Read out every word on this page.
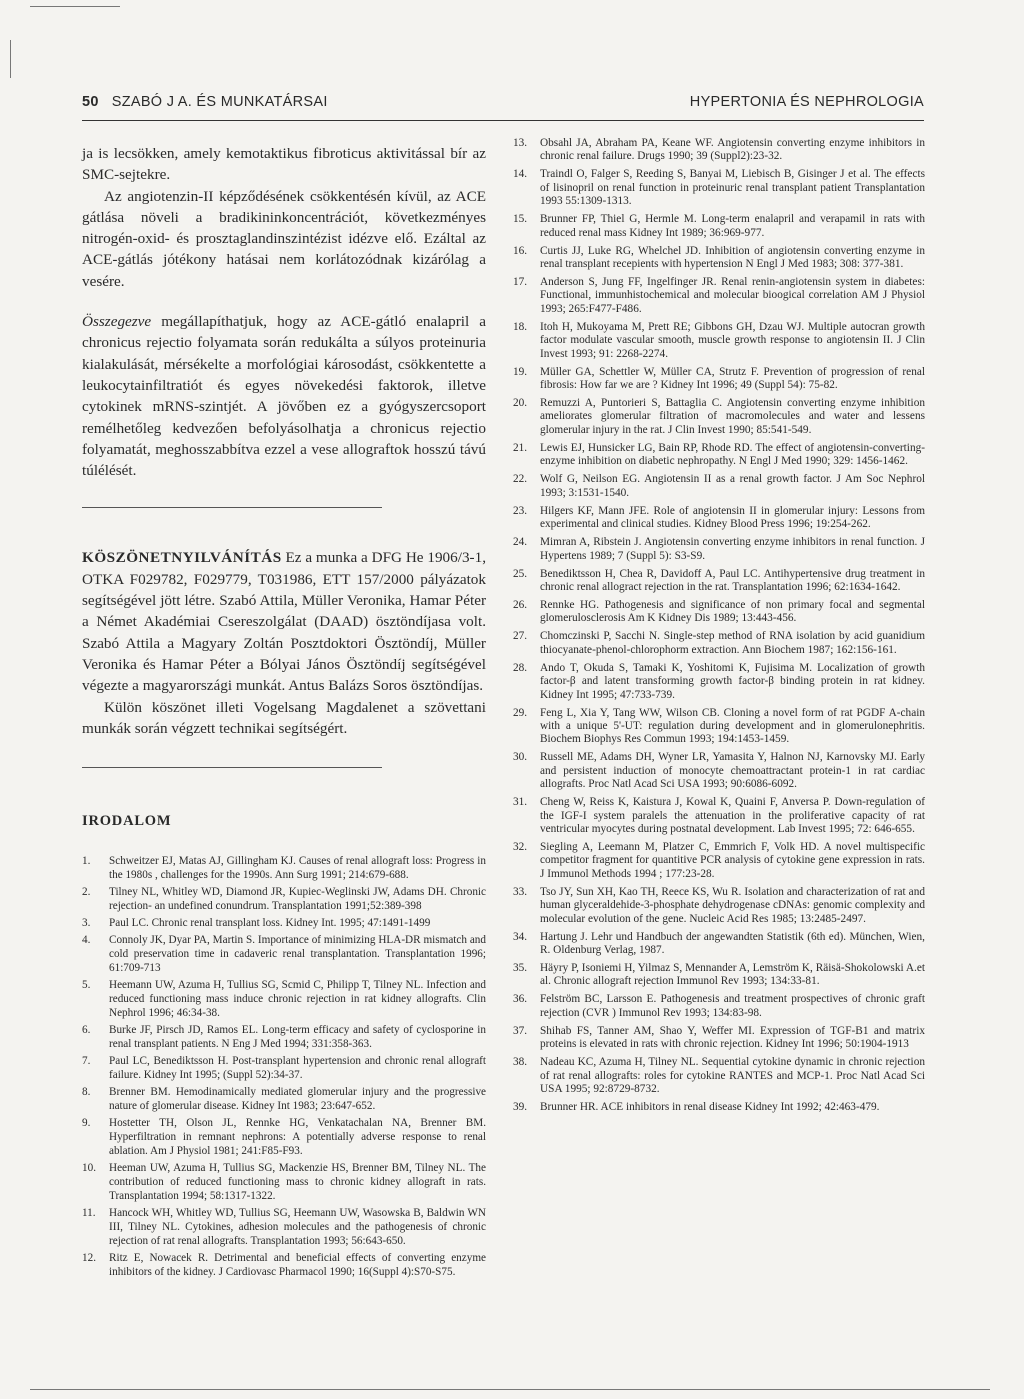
50 SZABÓ J A. ÉS MUNKATÁRSAI	HYPERTONIA ÉS NEPHROLOGIA

ja is lecsökken, amely kemotaktikus fibroticus aktivitással bír az SMC-sejtekre.

Az angiotenzin-II képződésének csökkentésén kívül, az ACE gátlása növeli a bradikininkoncentrációt, következményes nitrogén-oxid- és prosztaglandinszintézist idézve elő. Ezáltal az ACE-gátlás jótékony hatásai nem korlátozódnak kizárólag a vesére.

Összegezve megállapíthatjuk, hogy az ACE-gátló enalapril a chronicus rejectio folyamata során redukálta a súlyos proteinuria kialakulását, mérsékelte a morfológiai károsodást, csökkentette a leukocytainfiltratiót és egyes növekedési faktorok, illetve cytokinek mRNS-szintjét. A jövőben ez a gyógyszercsoport remélhetőleg kedvezően befolyásolhatja a chronicus rejectio folyamatát, meghosszabbítva ezzel a vese allograftok hosszú távú túlélését.

KÖSZÖNETNYILVÁNÍTÁS Ez a munka a DFG He 1906/3-1, OTKA F029782, F029779, T031986, ETT 157/2000 pályázatok segítségével jött létre. Szabó Attila, Müller Veronika, Hamar Péter a Német Akadémiai Csereszolgálat (DAAD) ösztöndíjasa volt. Szabó Attila a Magyary Zoltán Posztdoktori Ösztöndíj, Müller Veronika és Hamar Péter a Bólyai János Ösztöndíj segítségével végezte a magyarországi munkát. Antus Balázs Soros ösztöndíjas.

Külön köszönet illeti Vogelsang Magdalenet a szövettani munkák során végzett technikai segítségért.

IRODALOM
1. Schweitzer EJ, Matas AJ, Gillingham KJ. Causes of renal allograft loss: Progress in the 1980s , challenges for the 1990s. Ann Surg 1991; 214:679-688.
2. Tilney NL, Whitley WD, Diamond JR, Kupiec-Weglinski JW, Adams DH. Chronic rejection- an undefined conundrum. Transplantation 1991;52:389-398
3. Paul LC. Chronic renal transplant loss. Kidney Int. 1995; 47:1491-1499
4. Connoly JK, Dyar PA, Martin S. Importance of minimizing HLA-DR mismatch and cold preservation time in cadaveric renal transplantation. Transplantation 1996; 61:709-713
5. Heemann UW, Azuma H, Tullius SG, Scmid C, Philipp T, Tilney NL. Infection and reduced functioning mass induce chronic rejection in rat kidney allografts. Clin Nephrol 1996; 46:34-38.
6. Burke JF, Pirsch JD, Ramos EL. Long-term efficacy and safety of cyclosporine in renal transplant patients. N Eng J Med 1994; 331:358-363.
7. Paul LC, Benediktsson H. Post-transplant hypertension and chronic renal allograft failure. Kidney Int 1995; (Suppl 52):34-37.
8. Brenner BM. Hemodinamically mediated glomerular injury and the progressive nature of glomerular disease. Kidney Int 1983; 23:647-652.
9. Hostetter TH, Olson JL, Rennke HG, Venkatachalan NA, Brenner BM. Hyperfiltration in remnant nephrons: A potentially adverse response to renal ablation. Am J Physiol 1981; 241:F85-F93.
10. Heeman UW, Azuma H, Tullius SG, Mackenzie HS, Brenner BM, Tilney NL. The contribution of reduced functioning mass to chronic kidney allograft in rats. Transplantation 1994; 58:1317-1322.
11. Hancock WH, Whitley WD, Tullius SG, Heemann UW, Wasowska B, Baldwin WN III, Tilney NL. Cytokines, adhesion molecules and the pathogenesis of chronic rejection of rat renal allografts. Transplantation 1993; 56:643-650.
12. Ritz E, Nowacek R. Detrimental and beneficial effects of converting enzyme inhibitors of the kidney. J Cardiovasc Pharmacol 1990; 16(Suppl 4):S70-S75.
13. Obsahl JA, Abraham PA, Keane WF. Angiotensin converting enzyme inhibitors in chronic renal failure. Drugs 1990; 39 (Suppl2):23-32.
14. Traindl O, Falger S, Reeding S, Banyai M, Liebisch B, Gisinger J et al. The effects of lisinopril on renal function in proteinuric renal transplant patient Transplantation 1993 55:1309-1313.
15. Brunner FP, Thiel G, Hermle M. Long-term enalapril and verapamil in rats with reduced renal mass Kidney Int 1989; 36:969-977.
16. Curtis JJ, Luke RG, Whelchel JD. Inhibition of angiotensin converting enzyme in renal transplant recepients with hypertension N Engl J Med 1983; 308: 377-381.
17. Anderson S, Jung FF, Ingelfinger JR. Renal renin-angiotensin system in diabetes: Functional, immunhistochemical and molecular bioogical correlation AM J Physiol 1993; 265:F477-F486.
18. Itoh H, Mukoyama M, Prett RE; Gibbons GH, Dzau WJ. Multiple autocran growth factor modulate vascular smooth, muscle growth response to angiotensin II. J Clin Invest 1993; 91: 2268-2274.
19. Müller GA, Schettler W, Müller CA, Strutz F. Prevention of progression of renal fibrosis: How far we are ? Kidney Int 1996; 49 (Suppl 54): 75-82.
20. Remuzzi A, Puntorieri S, Battaglia C. Angiotensin converting enzyme inhibition ameliorates glomerular filtration of macromolecules and water and lessens glomerular injury in the rat. J Clin Invest 1990; 85:541-549.
21. Lewis EJ, Hunsicker LG, Bain RP, Rhode RD. The effect of angiotensin-converting-enzyme inhibition on diabetic nephropathy. N Engl J Med 1990; 329: 1456-1462.
22. Wolf G, Neilson EG. Angiotensin II as a renal growth factor. J Am Soc Nephrol 1993; 3:1531-1540.
23. Hilgers KF, Mann JFE. Role of angiotensin II in glomerular injury: Lessons from experimental and clinical studies. Kidney Blood Press 1996; 19:254-262.
24. Mimran A, Ribstein J. Angiotensin converting enzyme inhibitors in renal function. J Hypertens 1989; 7 (Suppl 5): S3-S9.
25. Benediktsson H, Chea R, Davidoff A, Paul LC. Antihypertensive drug treatment in chronic renal allogract rejection in the rat. Transplantation 1996; 62:1634-1642.
26. Rennke HG. Pathogenesis and significance of non primary focal and segmental glomerulosclerosis Am K Kidney Dis 1989; 13:443-456.
27. Chomczinski P, Sacchi N. Single-step method of RNA isolation by acid guanidium thiocyanate-phenol-chlorophorm extraction. Ann Biochem 1987; 162:156-161.
28. Ando T, Okuda S, Tamaki K, Yoshitomi K, Fujisima M. Localization of growth factor-β and latent transforming growth factor-β binding protein in rat kidney. Kidney Int 1995; 47:733-739.
29. Feng L, Xia Y, Tang WW, Wilson CB. Cloning a novel form of rat PGDF A-chain with a unique 5'-UT: regulation during development and in glomerulonephritis. Biochem Biophys Res Commun 1993; 194:1453-1459.
30. Russell ME, Adams DH, Wyner LR, Yamasita Y, Halnon NJ, Karnovsky MJ. Early and persistent induction of monocyte chemoattractant protein-1 in rat cardiac allografts. Proc Natl Acad Sci USA 1993; 90:6086-6092.
31. Cheng W, Reiss K, Kaistura J, Kowal K, Quaini F, Anversa P. Down-regulation of the IGF-I system paralels the attenuation in the proliferative capacity of rat ventricular myocytes during postnatal development. Lab Invest 1995; 72: 646-655.
32. Siegling A, Leemann M, Platzer C, Emmrich F, Volk HD. A novel multispecific competitor fragment for quantitive PCR analysis of cytokine gene expression in rats. J Immunol Methods 1994 ; 177:23-28.
33. Tso JY, Sun XH, Kao TH, Reece KS, Wu R. Isolation and characterization of rat and human glyceraldehide-3-phosphate dehydrogenase cDNAs: genomic complexity and molecular evolution of the gene. Nucleic Acid Res 1985; 13:2485-2497.
34. Hartung J. Lehr und Handbuch der angewandten Statistik (6th ed). München, Wien, R. Oldenburg Verlag, 1987.
35. Häyry P, Isoniemi H, Yilmaz S, Mennander A, Lemström K, Räisä-Shokolowski A.et al. Chronic allograft rejection Immunol Rev 1993; 134:33-81.
36. Felström BC, Larsson E. Pathogenesis and treatment prospectives of chronic graft rejection (CVR ) Immunol Rev 1993; 134:83-98.
37. Shihab FS, Tanner AM, Shao Y, Weffer MI. Expression of TGF-B1 and matrix proteins is elevated in rats with chronic rejection. Kidney Int 1996; 50:1904-1913
38. Nadeau KC, Azuma H, Tilney NL. Sequential cytokine dynamic in chronic rejection of rat renal allografts: roles for cytokine RANTES and MCP-1. Proc Natl Acad Sci USA 1995; 92:8729-8732.
39. Brunner HR. ACE inhibitors in renal disease Kidney Int 1992; 42:463-479.
